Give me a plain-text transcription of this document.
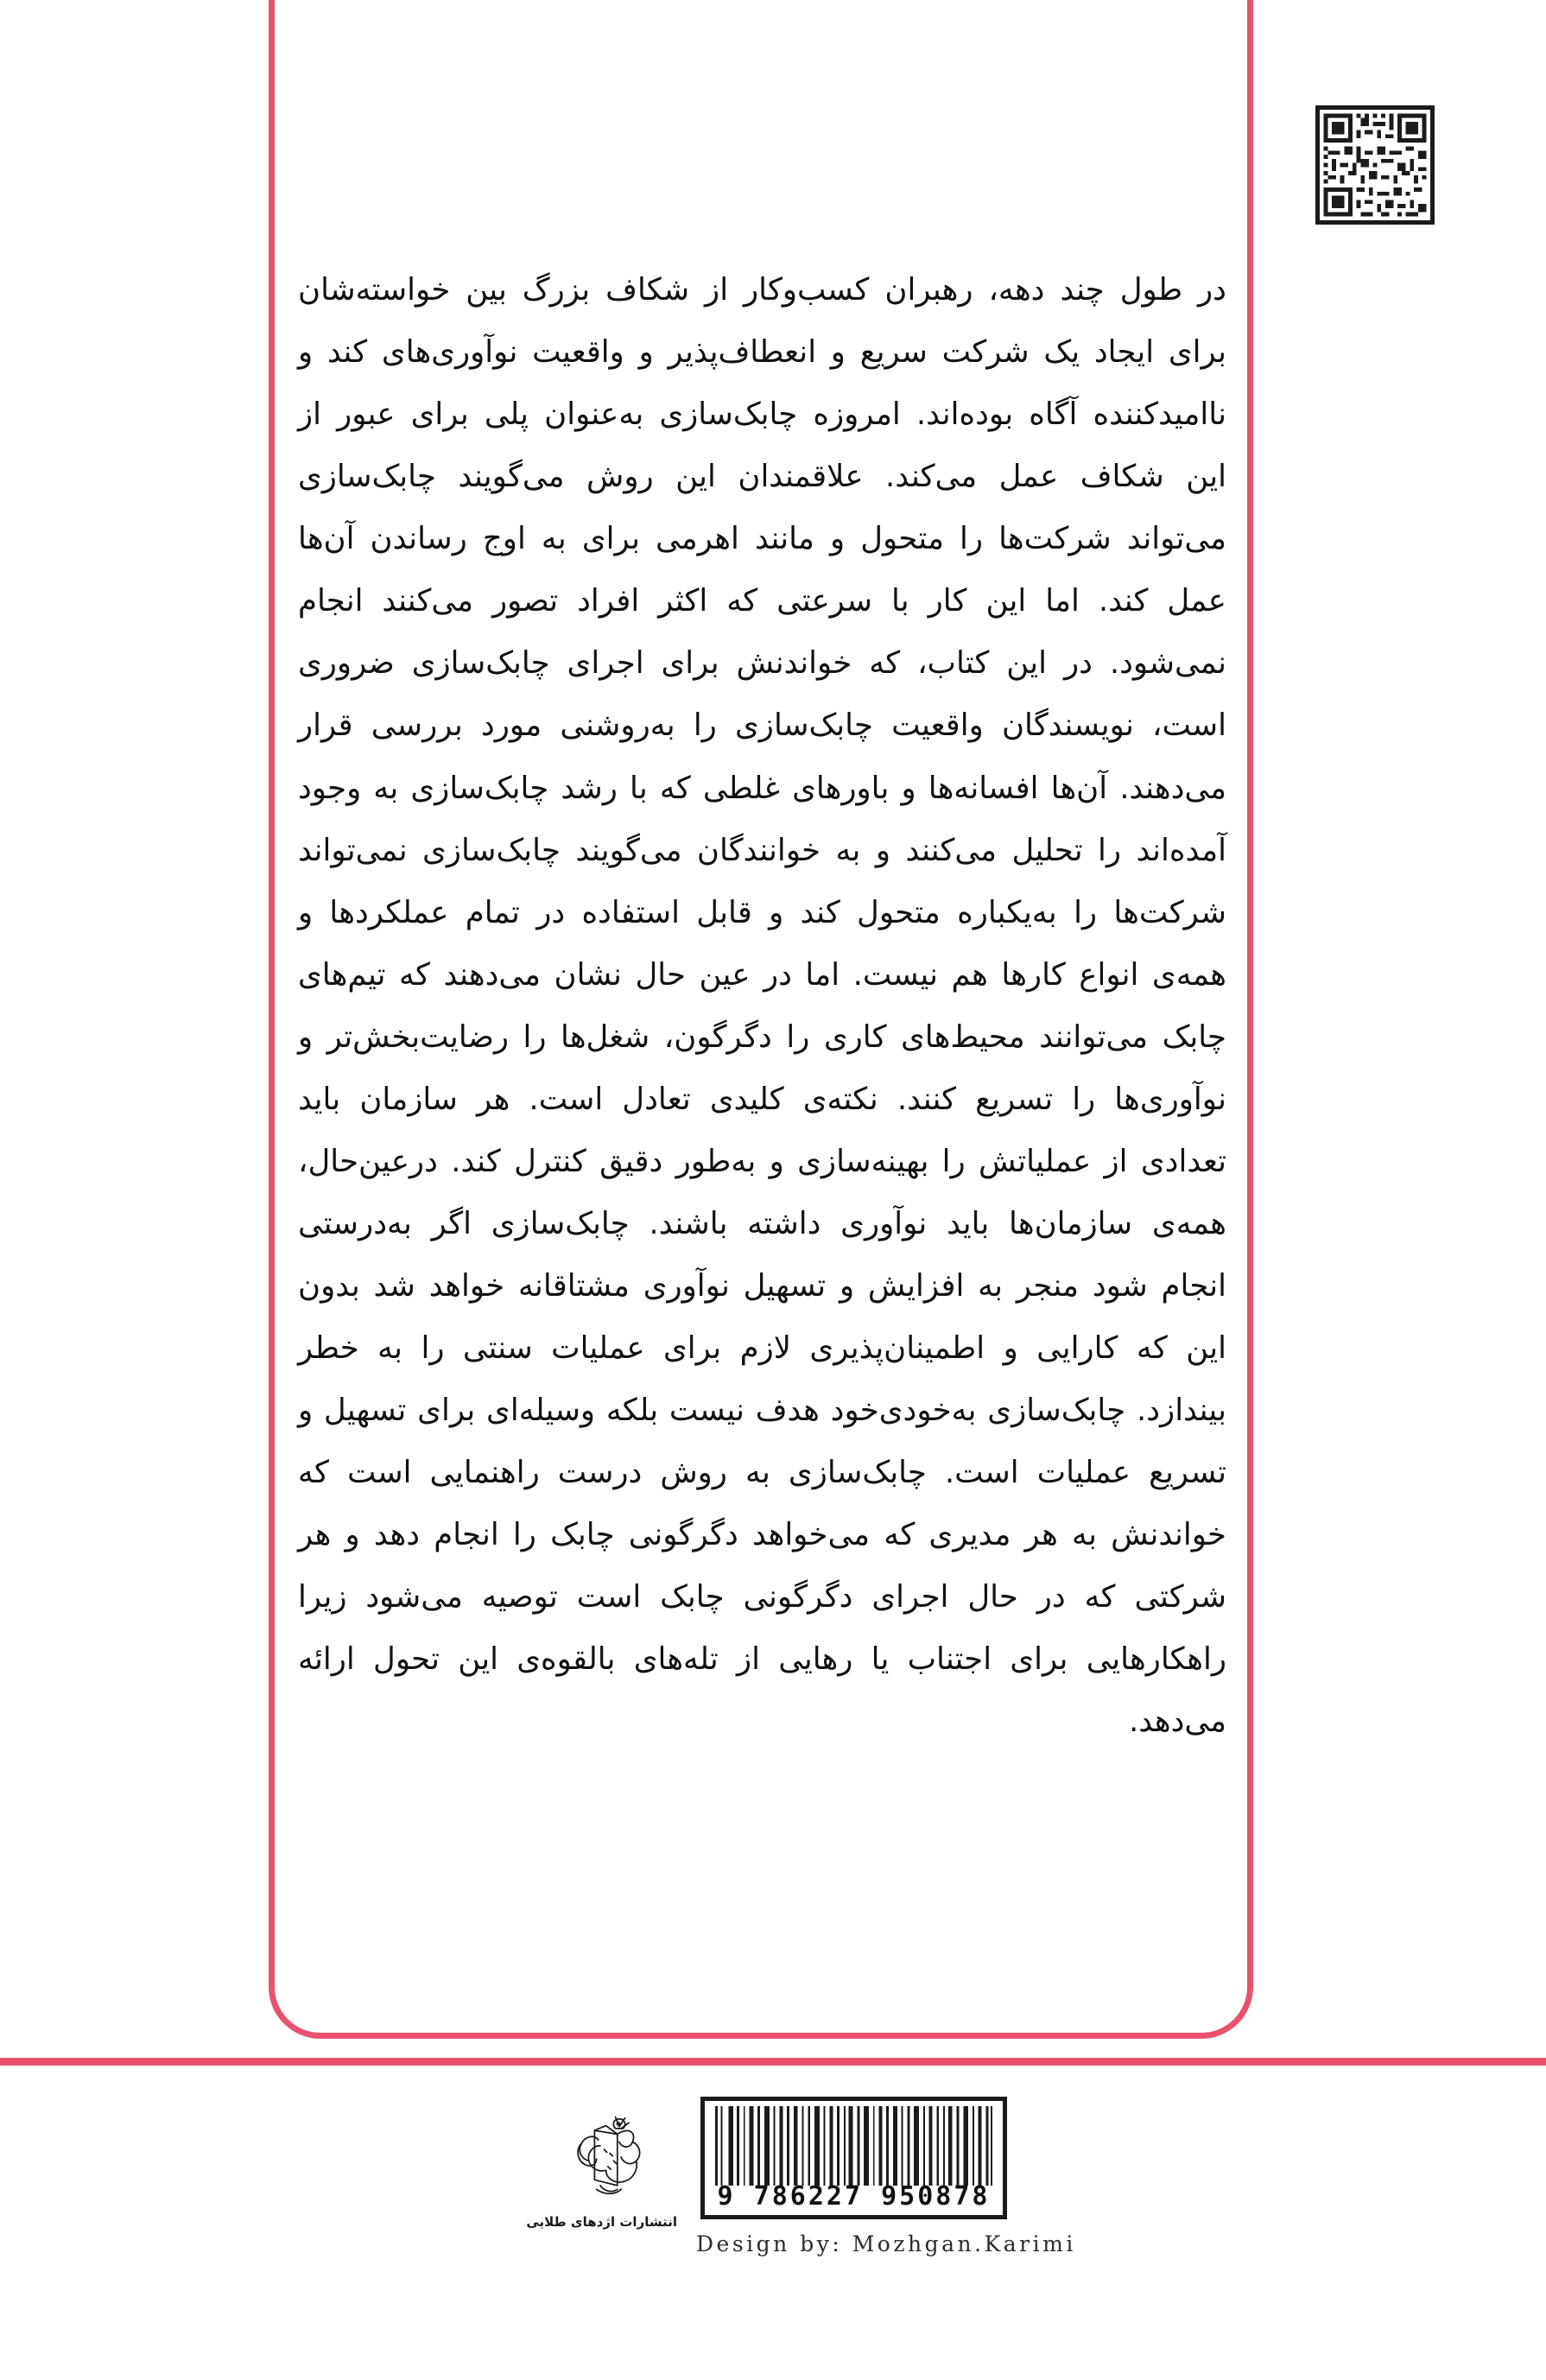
در طول چند دهه، رهبران کسب‌وکار از شکاف بزرگ بین خواسته‌شان برای ایجاد یک شرکت سریع و انعطاف‌پذیر و واقعیت نوآوری‌های کند و ناامیدکننده آگاه بوده‌اند. امروزه چابک‌سازی به‌عنوان پلی برای عبور از این شکاف عمل می‌کند. علاقمندان این روش می‌گویند چابک‌سازی می‌تواند شرکت‌ها را متحول و مانند اهرمی برای به اوج رساندن آن‌ها عمل کند. اما این کار با سرعتی که اکثر افراد تصور می‌کنند انجام نمی‌شود. در این کتاب، که خواندنش برای اجرای چابک‌سازی ضروری است، نویسندگان واقعیت چابک‌سازی را به‌روشنی مورد بررسی قرار می‌دهند. آن‌ها افسانه‌ها و باورهای غلطی که با رشد چابک‌سازی به وجود آمده‌اند را تحلیل می‌کنند و به خوانندگان می‌گویند چابک‌سازی نمی‌تواند شرکت‌ها را به‌یکباره متحول کند و قابل استفاده در تمام عملکردها و همه‌ی انواع کارها هم نیست. اما در عین حال نشان می‌دهند که تیم‌های چابک می‌توانند محیط‌های کاری را دگرگون، شغل‌ها را رضایت‌بخش‌تر و نوآوری‌ها را تسریع کنند. نکته‌ی کلیدی تعادل است. هر سازمان باید تعدادی از عملیاتش را بهینه‌سازی و به‌طور دقیق کنترل کند. درعین‌حال، همه‌ی سازمان‌ها باید نوآوری داشته باشند. چابک‌سازی اگر به‌درستی انجام شود منجر به افزایش و تسهیل نوآوری مشتاقانه خواهد شد بدون این که کارایی و اطمینان‌پذیری لازم برای عملیات سنتی را به خطر بیندازد. چابک‌سازی به‌خودی‌خود هدف نیست بلکه وسیله‌ای برای تسهیل و تسریع عملیات است. چابک‌سازی به روش درست راهنمایی است که خواندنش به هر مدیری که می‌خواهد دگرگونی چابک را انجام دهد و هر شرکتی که در حال اجرای دگرگونی چابک است توصیه می‌شود زیرا راهکارهایی برای اجتناب یا رهایی از تله‌های بالقوه‌ی این تحول ارائه می‌دهد.

انتشارات اژدهای طلایی
9 786227 950878
Design by: Mozhgan.Karimi
